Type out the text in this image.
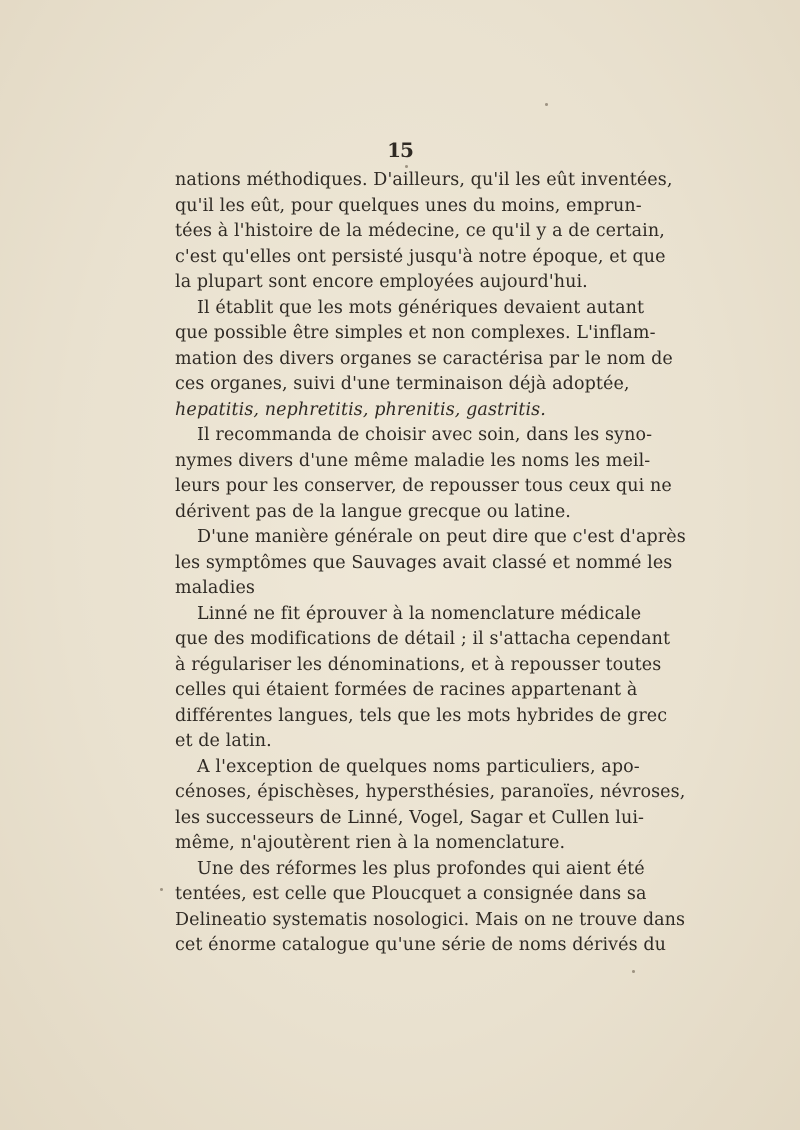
15
nations méthodiques. D'ailleurs, qu'il les eût inventées,
qu'il les eût, pour quelques unes du moins, emprun-
tées à l'histoire de la médecine, ce qu'il y a de certain,
c'est qu'elles ont persisté jusqu'à notre époque, et que
la plupart sont encore employées aujourd'hui.
Il établit que les mots génériques devaient autant
que possible être simples et non complexes. L'inflam-
mation des divers organes se caractérisa par le nom de
ces organes, suivi d'une terminaison déjà adoptée,
hepatitis, nephretitis, phrenitis, gastritis.
Il recommanda de choisir avec soin, dans les syno-
nymes divers d'une même maladie les noms les meil-
leurs pour les conserver, de repousser tous ceux qui ne
dérivent pas de la langue grecque ou latine.
D'une manière générale on peut dire que c'est d'après
les symptômes que Sauvages avait classé et nommé les
maladies
Linné ne fit éprouver à la nomenclature médicale
que des modifications de détail ; il s'attacha cependant
à régulariser les dénominations, et à repousser toutes
celles qui étaient formées de racines appartenant à
différentes langues, tels que les mots hybrides de grec
et de latin.
A l'exception de quelques noms particuliers, apo-
cénoses, épischèses, hypersthésies, paranoïes, névroses,
les successeurs de Linné, Vogel, Sagar et Cullen lui-
même, n'ajoutèrent rien à la nomenclature.
Une des réformes les plus profondes qui aient été
tentées, est celle que Ploucquet a consignée dans sa
Delineatio systematis nosologici. Mais on ne trouve dans
cet énorme catalogue qu'une série de noms dérivés du
